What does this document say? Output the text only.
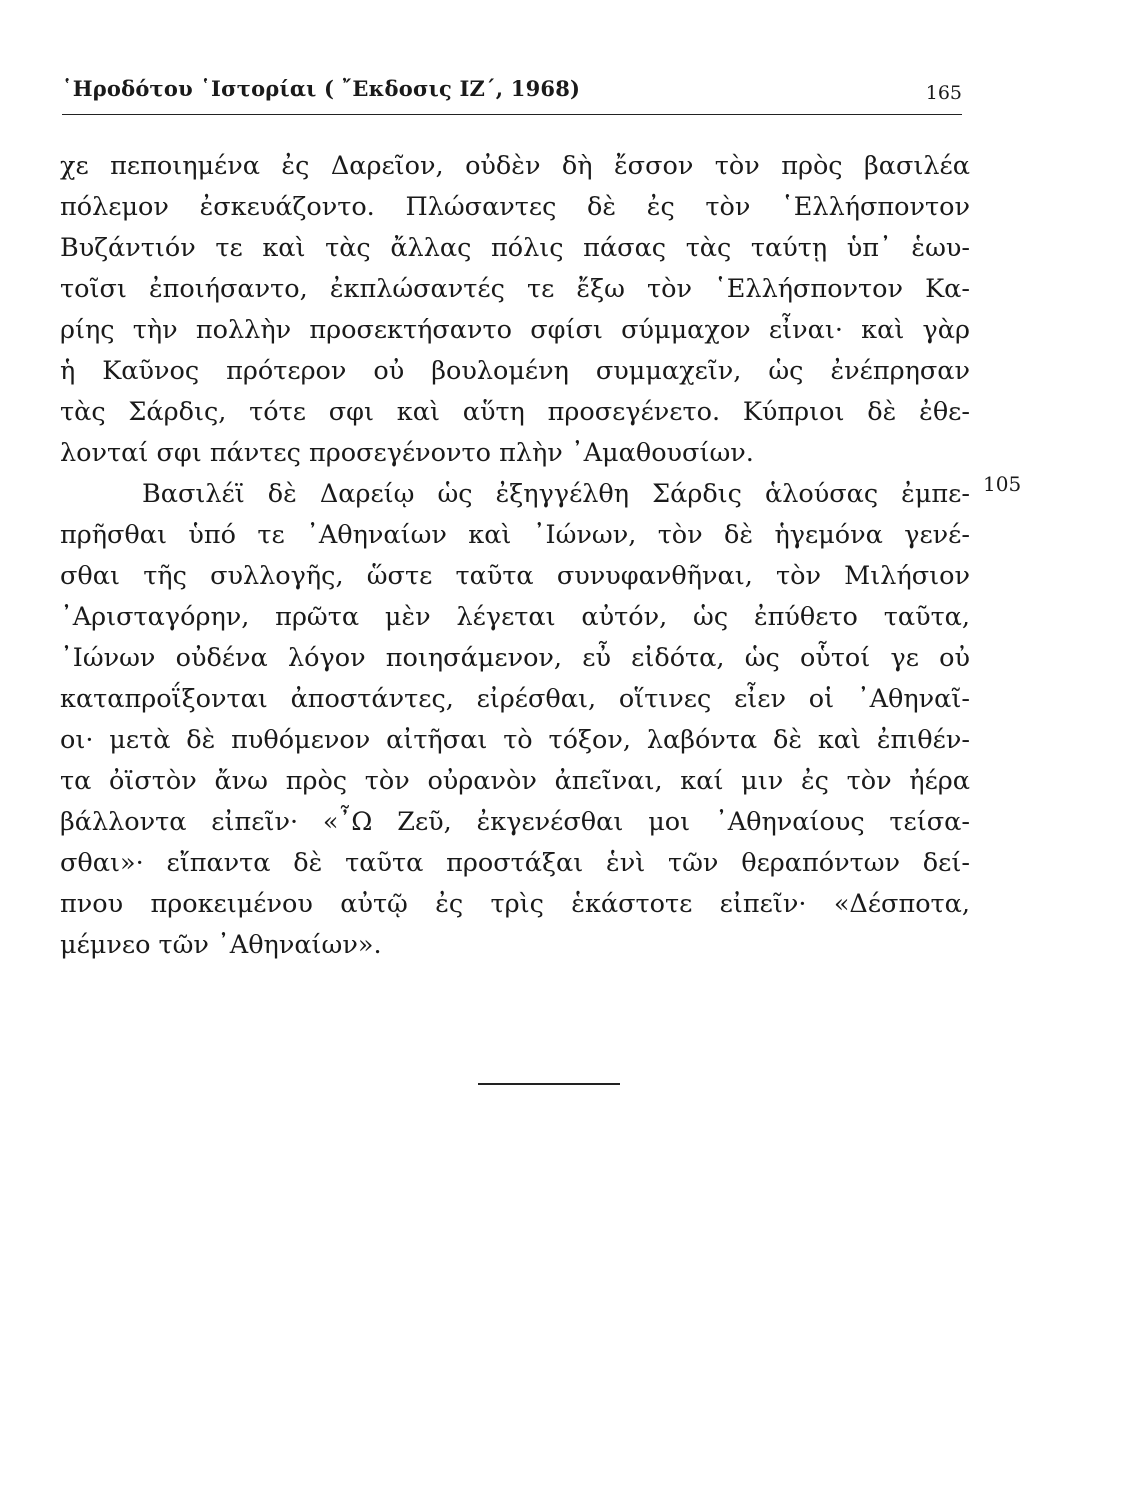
῾Ηροδότου ῾Ιστορίαι ( ῎Εκδοσις ΙΖ΄, 1968)	165
χε πεποιημένα ἐς Δαρεῖον, οὐδὲν δὴ ἔσσον τὸν πρὸς βασιλέα
πόλεμον ἐσκευάζοντο. Πλώσαντες δὲ ἐς τὸν ῾Ελλήσποντον
Βυζάντιόν τε καὶ τὰς ἄλλας πόλις πάσας τὰς ταύτῃ ὑπ᾿ ἑωυ-
τοῖσι ἐποιήσαντο, ἐκπλώσαντές τε ἔξω τὸν ῾Ελλήσποντον Κα-
ρίης τὴν πολλὴν προσεκτήσαντο σφίσι σύμμαχον εἶναι· καὶ γὰρ
ἡ Καῦνος πρότερον οὐ βουλομένη συμμαχεῖν, ὡς ἐνέπρησαν
τὰς Σάρδις, τότε σφι καὶ αὕτη προσεγένετο. Κύπριοι δὲ ἐθε-
λονταί σφι πάντες προσεγένοντο πλὴν ᾿Αμαθουσίων.
Βασιλέϊ δὲ Δαρείῳ ὡς ἐξηγγέλθη Σάρδις ἁλούσας ἐμπε-
πρῆσθαι ὑπό τε ᾿Αθηναίων καὶ ᾿Ιώνων, τὸν δὲ ἡγεμόνα γενέ-
σθαι τῆς συλλογῆς, ὥστε ταῦτα συνυφανθῆναι, τὸν Μιλήσιον
᾿Αρισταγόρην, πρῶτα μὲν λέγεται αὐτόν, ὡς ἐπύθετο ταῦτα,
᾿Ιώνων οὐδένα λόγον ποιησάμενον, εὖ εἰδότα, ὡς οὗτοί γε οὐ
καταπροΐξονται ἀποστάντες, εἰρέσθαι, οἵτινες εἶεν οἱ ᾿Αθηναῖ-
οι· μετὰ δὲ πυθόμενον αἰτῆσαι τὸ τόξον, λαβόντα δὲ καὶ ἐπιθέν-
τα ὀϊστὸν ἄνω πρὸς τὸν οὐρανὸν ἀπεῖναι, καί μιν ἐς τὸν ἠέρα
βάλλοντα εἰπεῖν· «῏Ω Ζεῦ, ἐκγενέσθαι μοι ᾿Αθηναίους τείσα-
σθαι»· εἴπαντα δὲ ταῦτα προστάξαι ἑνὶ τῶν θεραπόντων δεί-
πνου προκειμένου αὐτῷ ἐς τρὶς ἑκάστοτε εἰπεῖν· «Δέσποτα,
μέμνεο τῶν ᾿Αθηναίων».
105
